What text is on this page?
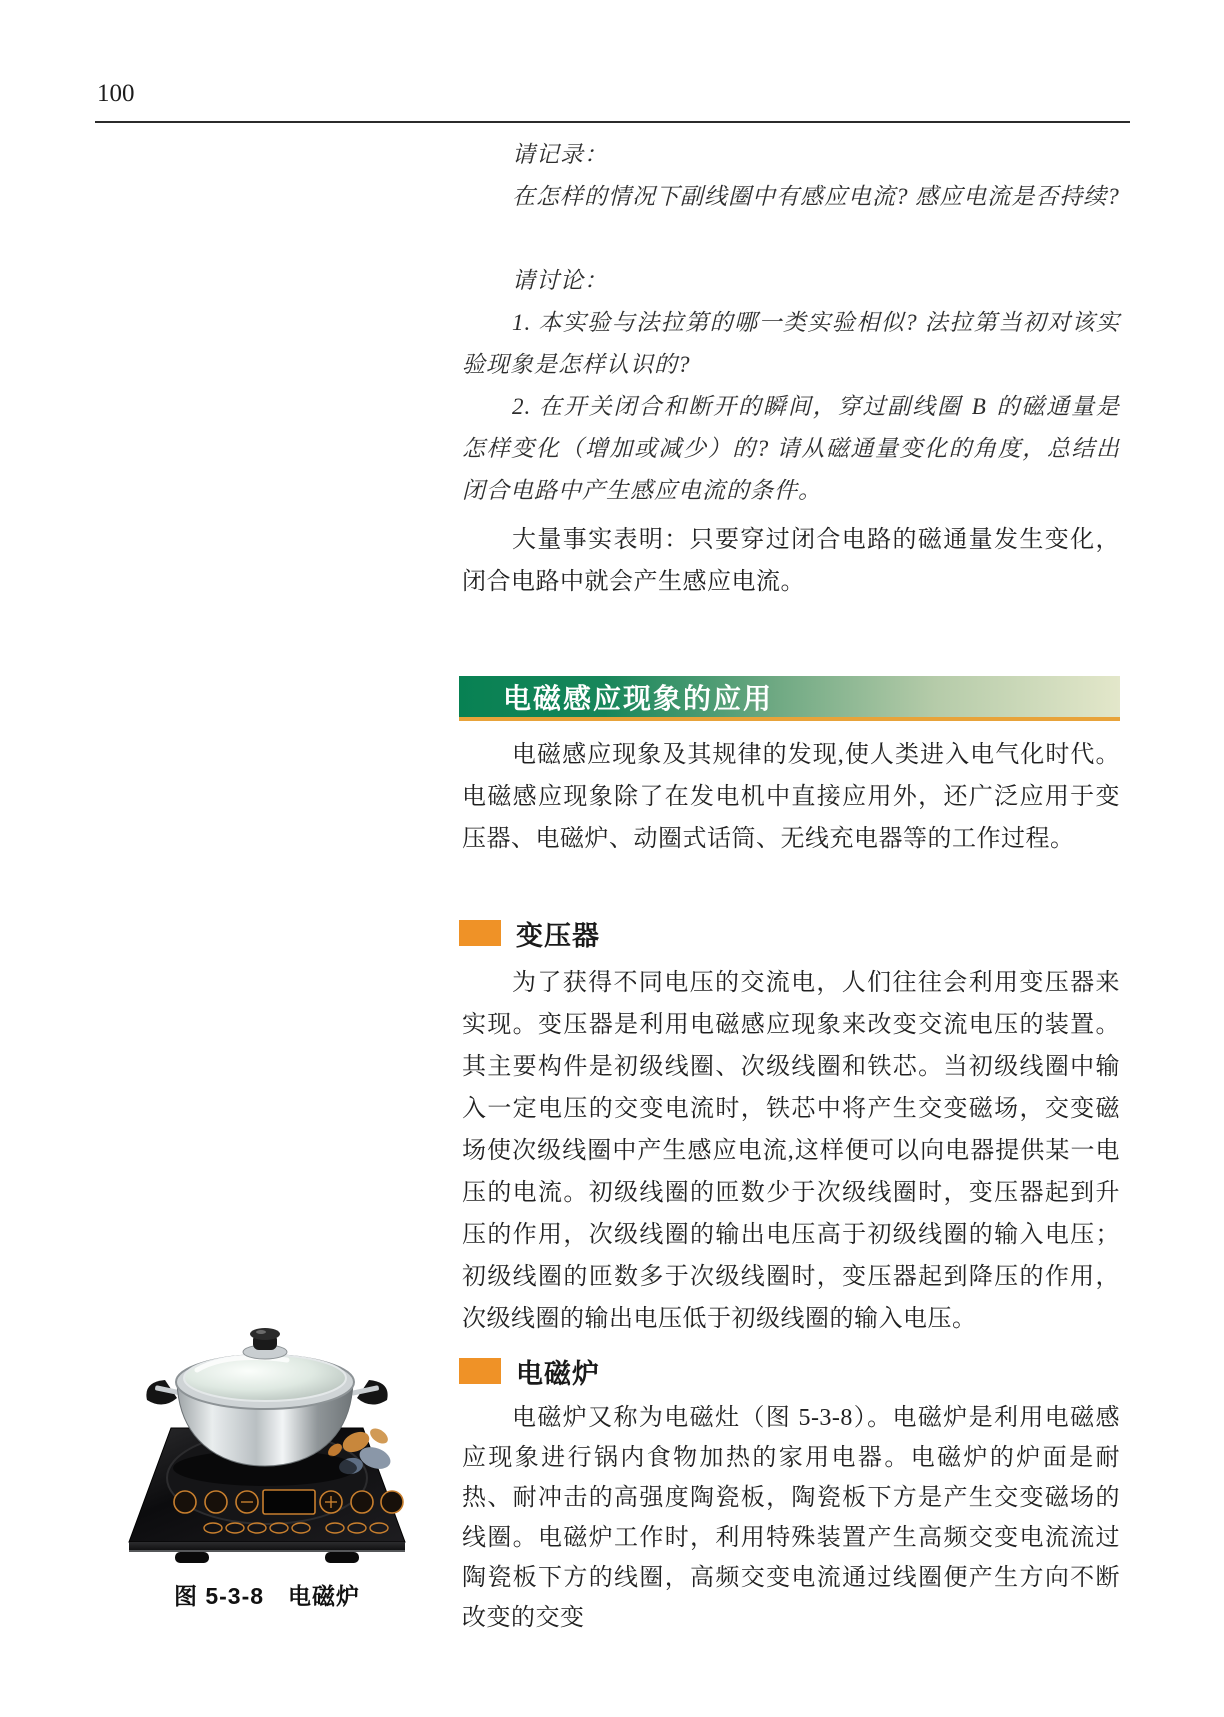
100

请记录：

在怎样的情况下副线圈中有感应电流? 感应电流是否持续?

请讨论：

1. 本实验与法拉第的哪一类实验相似? 法拉第当初对该实验现象是怎样认识的?

2. 在开关闭合和断开的瞬间，穿过副线圈 B 的磁通量是怎样变化（增加或减少）的? 请从磁通量变化的角度，总结出闭合电路中产生感应电流的条件。

大量事实表明：只要穿过闭合电路的磁通量发生变化，闭合电路中就会产生感应电流。

电磁感应现象的应用

电磁感应现象及其规律的发现,使人类进入电气化时代。电磁感应现象除了在发电机中直接应用外，还广泛应用于变压器、电磁炉、动圈式话筒、无线充电器等的工作过程。

变压器

为了获得不同电压的交流电，人们往往会利用变压器来实现。变压器是利用电磁感应现象来改变交流电压的装置。其主要构件是初级线圈、次级线圈和铁芯。当初级线圈中输入一定电压的交变电流时，铁芯中将产生交变磁场，交变磁场使次级线圈中产生感应电流,这样便可以向电器提供某一电压的电流。初级线圈的匝数少于次级线圈时，变压器起到升压的作用，次级线圈的输出电压高于初级线圈的输入电压；初级线圈的匝数多于次级线圈时，变压器起到降压的作用，次级线圈的输出电压低于初级线圈的输入电压。

电磁炉

电磁炉又称为电磁灶（图 5-3-8）。电磁炉是利用电磁感应现象进行锅内食物加热的家用电器。电磁炉的炉面是耐热、耐冲击的高强度陶瓷板，陶瓷板下方是产生交变磁场的线圈。电磁炉工作时，利用特殊装置产生高频交变电流流过陶瓷板下方的线圈，高频交变电流通过线圈便产生方向不断改变的交变

图 5-3-8　电磁炉
